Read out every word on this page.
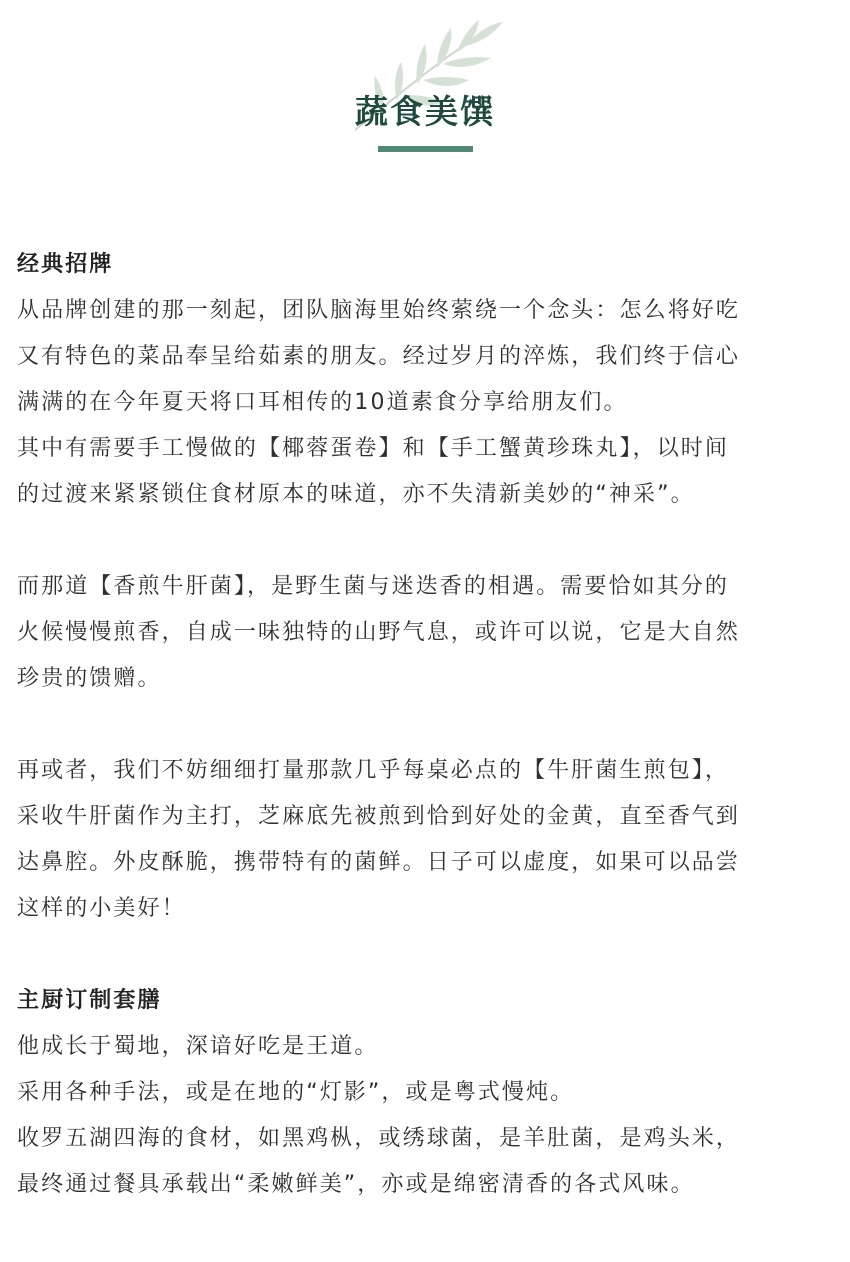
蔬食美馔
经典招牌
从品牌创建的那一刻起，团队脑海里始终萦绕一个念头：怎么将好吃
又有特色的菜品奉呈给茹素的朋友。经过岁月的淬炼，我们终于信心
满满的在今年夏天将口耳相传的10道素食分享给朋友们。
其中有需要手工慢做的【椰蓉蛋卷】和【手工蟹黄珍珠丸】，以时间
的过渡来紧紧锁住食材原本的味道，亦不失清新美妙的“神采”。
而那道【香煎牛肝菌】，是野生菌与迷迭香的相遇。需要恰如其分的
火候慢慢煎香，自成一味独特的山野气息，或许可以说，它是大自然
珍贵的馈赠。
再或者，我们不妨细细打量那款几乎每桌必点的【牛肝菌生煎包】，
采收牛肝菌作为主打，芝麻底先被煎到恰到好处的金黄，直至香气到
达鼻腔。外皮酥脆，携带特有的菌鲜。日子可以虚度，如果可以品尝
这样的小美好！
主厨订制套膳
他成长于蜀地，深谙好吃是王道。
采用各种手法，或是在地的“灯影”，或是粤式慢炖。
收罗五湖四海的食材，如黑鸡枞，或绣球菌，是羊肚菌，是鸡头米，
最终通过餐具承载出“柔嫩鲜美”，亦或是绵密清香的各式风味。
